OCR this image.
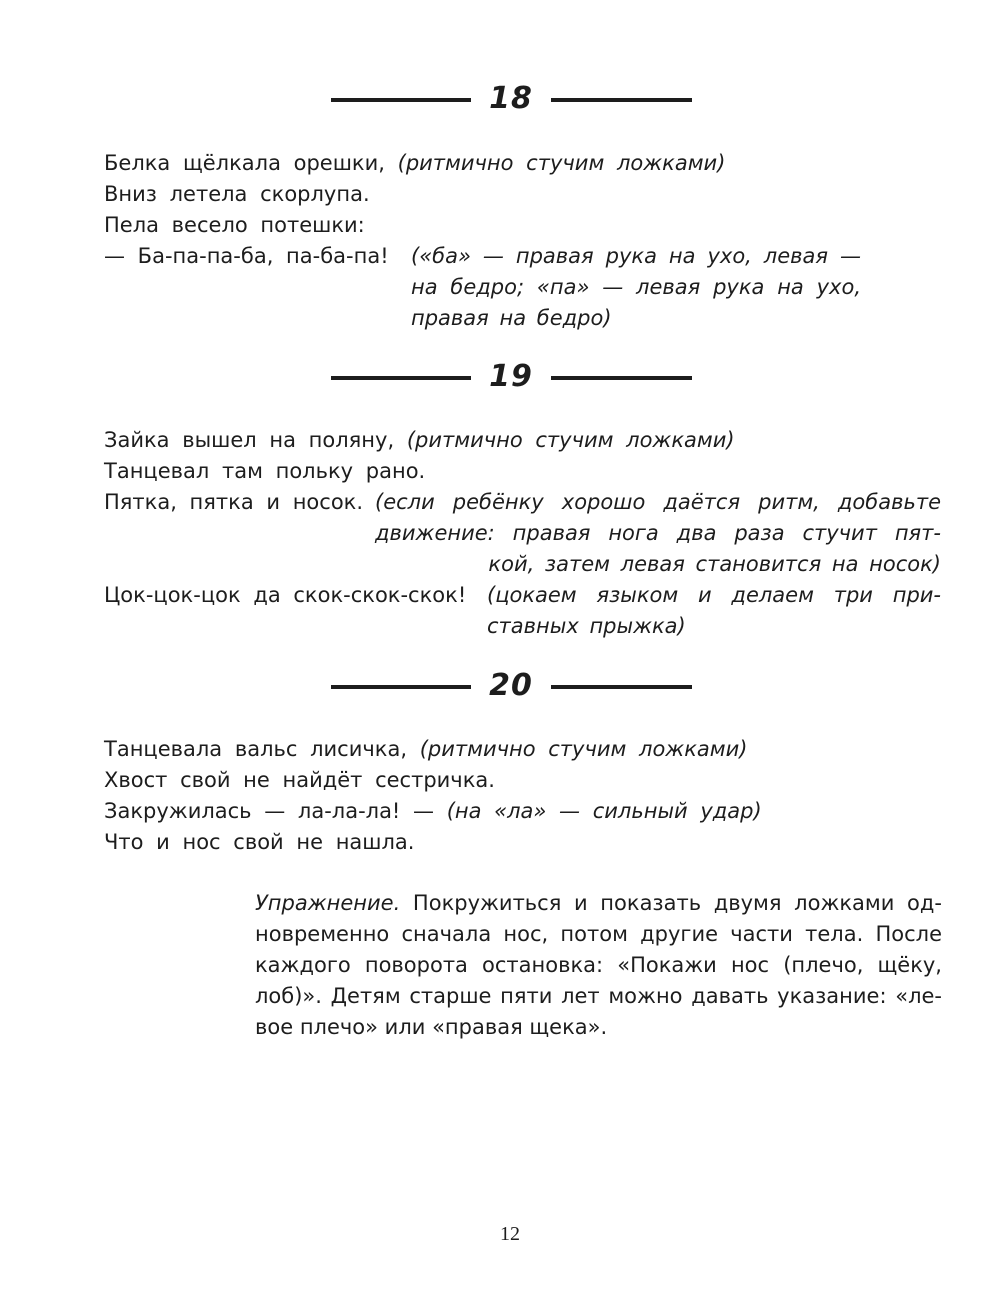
18
Белка щёлкала орешки, (ритмично стучим ложками)
Вниз летела скорлупа.
Пела весело потешки:
— Ба-па-па-ба, па-ба-па! («ба» — правая рука на ухо, левая —
на бедро; «па» — левая рука на ухо,
правая на бедро)
19
Зайка вышел на поляну, (ритмично стучим ложками)
Танцевал там польку рано.
Пятка, пятка и носок. (если ребёнку хорошо даётся ритм, добавьте
движение: правая нога два раза стучит пят-
кой, затем левая становится на носок)
Цок-цок-цок да скок-скок-скок! (цокаем языком и делаем три при-
ставных прыжка)
20
Танцевала вальс лисичка, (ритмично стучим ложками)
Хвост свой не найдёт сестричка.
Закружилась — ла-ла-ла! — (на «ла» — сильный удар)
Что и нос свой не нашла.
Упражнение. Покружиться и показать двумя ложками од-
новременно сначала нос, потом другие части тела. После
каждого поворота остановка: «Покажи нос (плечо, щёку,
лоб)». Детям старше пяти лет можно давать указание: «ле-
вое плечо» или «правая щека».
12
